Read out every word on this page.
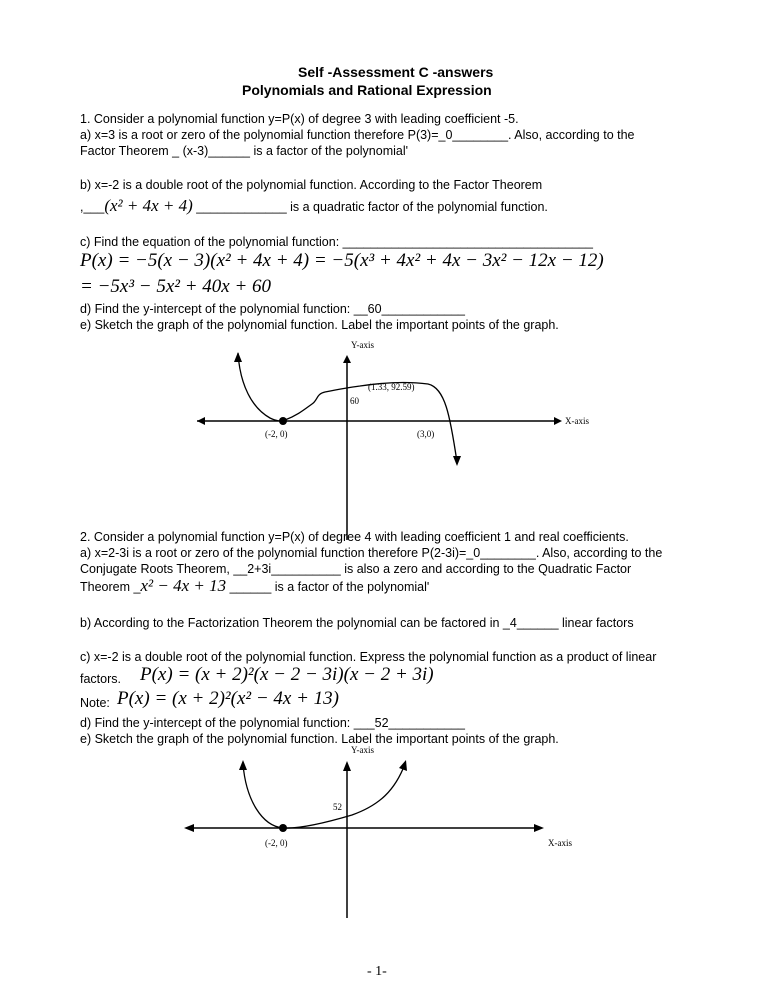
Self -Assessment C -answers
Polynomials and Rational Expression
1. Consider a polynomial function y=P(x) of degree 3 with leading coefficient -5.
a) x=3 is a root or zero of the polynomial function therefore P(3)=_0________. Also, according to the
Factor Theorem _ (x-3)______ is a factor of the polynomial'
b) x=-2 is a double root of the polynomial function. According to the Factor Theorem
,___(x² + 4x + 4) _____________ is a quadratic factor of the polynomial function.
c) Find the equation of the polynomial function: ____________________________________
P(x) = −5(x − 3)(x² + 4x + 4) = −5(x³ + 4x² + 4x − 3x² − 12x − 12)
= −5x³ − 5x² + 40x + 60
d) Find the y-intercept of the polynomial function: __60____________
e) Sketch the graph of the polynomial function. Label the important points of the graph.
Y-axis
X-axis
(1.33, 92.59)
60
(-2, 0)	(3,0)
2. Consider a polynomial function y=P(x) of degree 4 with leading coefficient 1 and real coefficients.
a) x=2-3i is a root or zero of the polynomial function therefore P(2-3i)=_0________. Also, according to the
Conjugate Roots Theorem, __2+3i__________ is also a zero and according to the Quadratic Factor
Theorem _x² − 4x + 13 ______ is a factor of the polynomial'
b) According to the Factorization Theorem the polynomial can be factored in _4______ linear factors
c) x=-2 is a double root of the polynomial function. Express the polynomial function as a product of linear
factors. P(x) = (x + 2)²(x − 2 − 3i)(x − 2 + 3i)
Note: P(x) = (x + 2)²(x² − 4x + 13)
d) Find the y-intercept of the polynomial function: ___52___________
e) Sketch the graph of the polynomial function. Label the important points of the graph.
Y-axis
X-axis
52
(-2, 0)
- 1-
